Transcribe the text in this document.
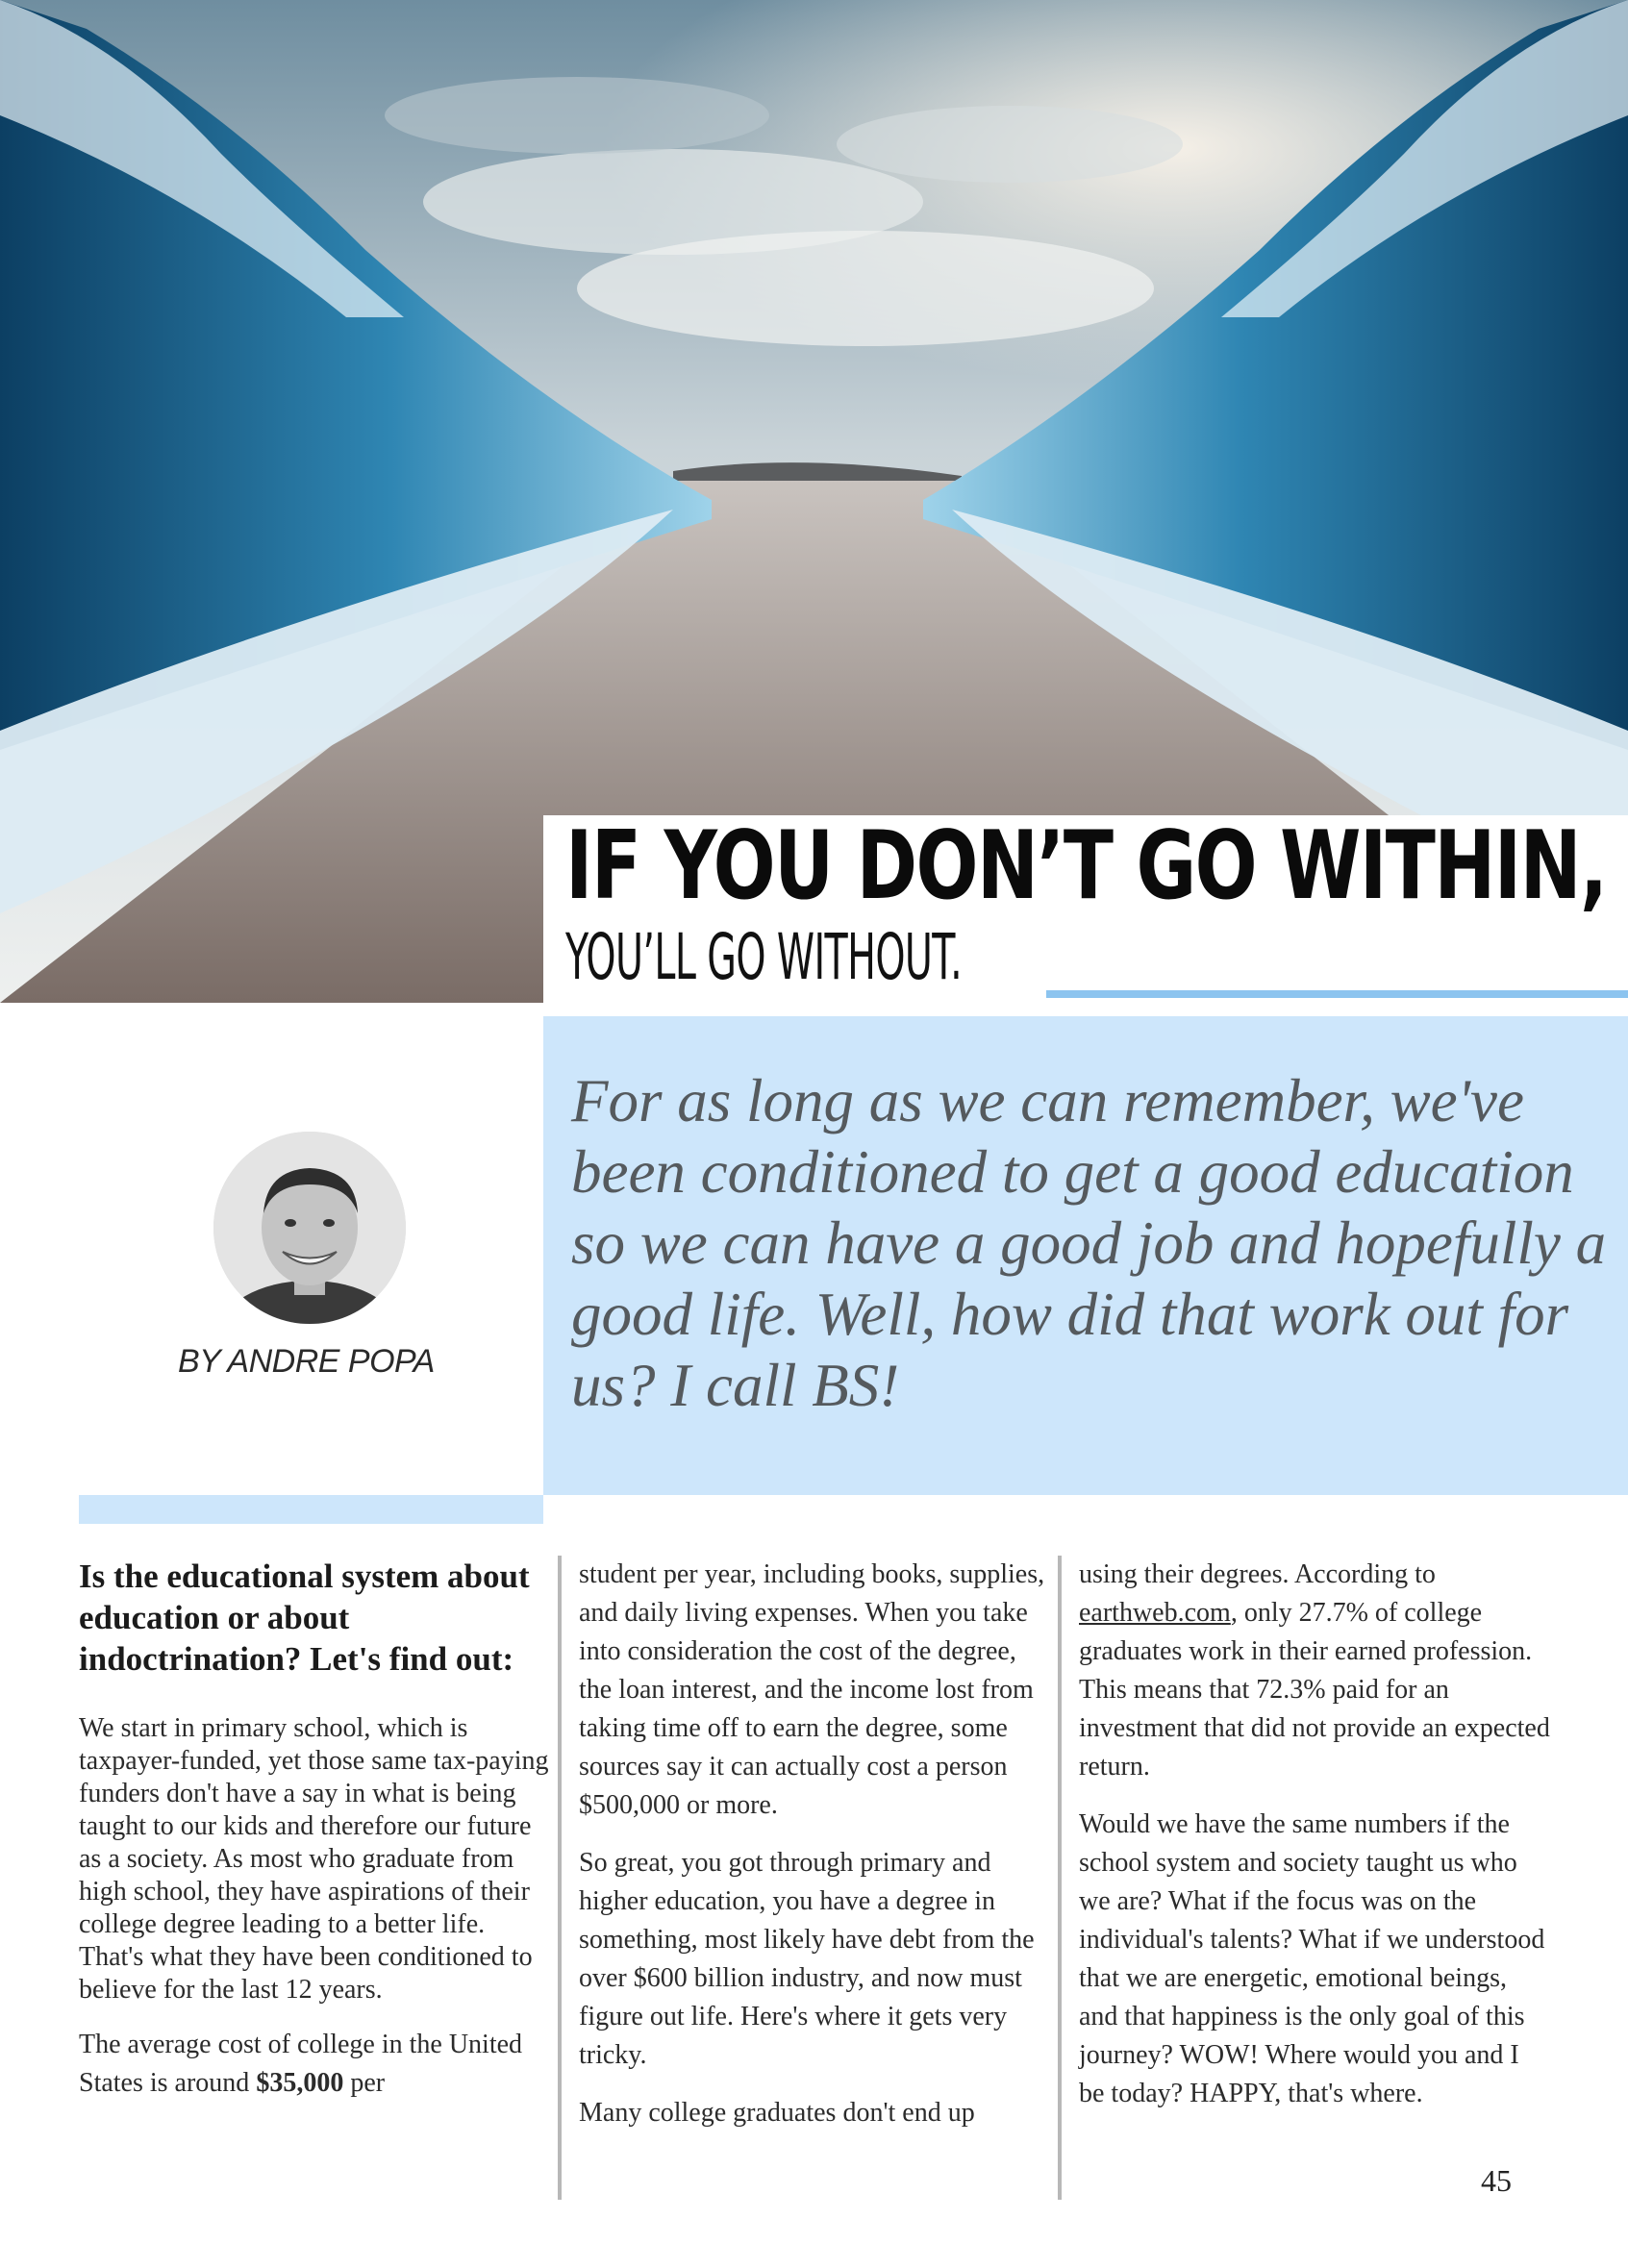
IF YOU DON’T GO WITHIN,
YOU’LL GO WITHOUT.
For as long as we can remember, we've been conditioned to get a good education so we can have a good job and hopefully a good life. Well, how did that work out for us? I call BS!
BY ANDRE POPA

Is the educational system about education or about indoctrination? Let's find out:

We start in primary school, which is taxpayer-funded, yet those same tax-paying funders don't have a say in what is being taught to our kids and therefore our future as a society. As most who graduate from high school, they have aspirations of their college degree leading to a better life. That's what they have been conditioned to believe for the last 12 years.

The average cost of college in the United States is around $35,000 per

student per year, including books, supplies, and daily living expenses. When you take into consideration the cost of the degree, the loan interest, and the income lost from taking time off to earn the degree, some sources say it can actually cost a person $500,000 or more.

So great, you got through primary and higher education, you have a degree in something, most likely have debt from the over $600 billion industry, and now must figure out life. Here's where it gets very tricky.

Many college graduates don't end up

using their degrees. According to earthweb.com, only 27.7% of college graduates work in their earned profession. This means that 72.3% paid for an investment that did not provide an expected return.

Would we have the same numbers if the school system and society taught us who we are? What if the focus was on the individual's talents? What if we understood that we are energetic, emotional beings, and that happiness is the only goal of this journey? WOW! Where would you and I be today? HAPPY, that's where.

45
